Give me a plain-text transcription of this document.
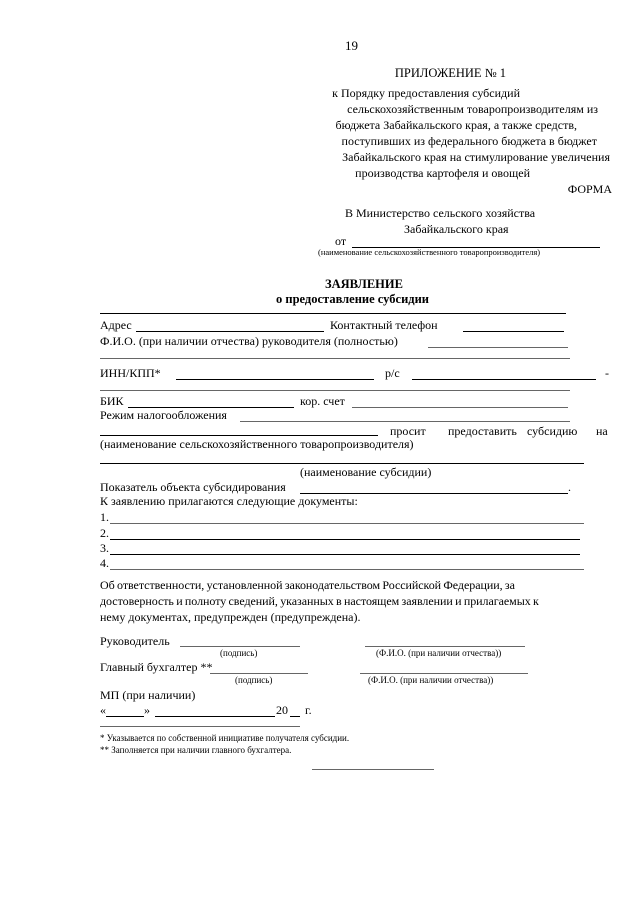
19
ПРИЛОЖЕНИЕ № 1
к Порядку предоставления субсидий
сельскохозяйственным товаропроизводителям из
бюджета Забайкальского края, а также средств,
поступивших из федерального бюджета в бюджет
Забайкальского края на стимулирование увеличения
производства картофеля и овощей
ФОРМА
В Министерство сельского хозяйства
Забайкальского края
от
(наименование сельскохозяйственного товаропроизводителя)
ЗАЯВЛЕНИЕ
о предоставление субсидии
Адрес	Контактный телефон
Ф.И.О. (при наличии отчества) руководителя (полностью)
ИНН/КПП*	р/с	-
БИК	кор. счет
Режим налогообложения
просит предоставить субсидию на
(наименование сельскохозяйственного товаропроизводителя)
(наименование субсидии)
Показатель объекта субсидирования	.
К заявлению прилагаются следующие документы:
1.
2.
3.
4.
Об ответственности, установленной законодательством Российской Федерации, за
достоверность и полноту сведений, указанных в настоящем заявлении и прилагаемых к
нему документах, предупрежден (предупреждена).
Руководитель
(подпись)	(Ф.И.О. (при наличии отчества))
Главный бухгалтер **
(подпись)	(Ф.И.О. (при наличии отчества))
МП (при наличии)
«	»	20 г.
* Указывается по собственной инициативе получателя субсидии.
** Заполняется при наличии главного бухгалтера.
